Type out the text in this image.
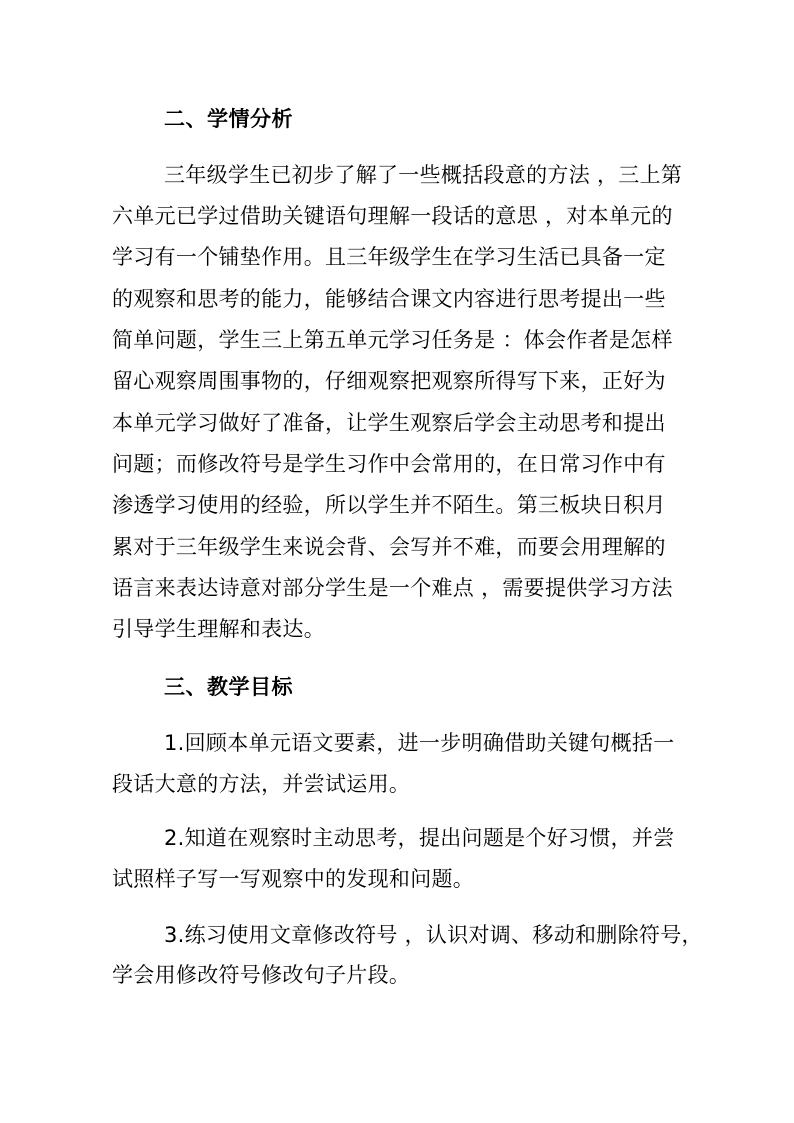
二、学情分析
三年级学生已初步了解了一些概括段意的方法 ，三上第
六单元已学过借助关键语句理解一段话的意思 ，对本单元的
学习有一个铺垫作用。且三年级学生在学习生活已具备一定
的观察和思考的能力，能够结合课文内容进行思考提出一些
简单问题，学生三上第五单元学习任务是 ：体会作者是怎样
留心观察周围事物的，仔细观察把观察所得写下来，正好为
本单元学习做好了准备，让学生观察后学会主动思考和提出
问题；而修改符号是学生习作中会常用的，在日常习作中有
渗透学习使用的经验，所以学生并不陌生。第三板块日积月
累对于三年级学生来说会背、会写并不难，而要会用理解的
语言来表达诗意对部分学生是一个难点 ，需要提供学习方法
引导学生理解和表达。
三、教学目标
1.回顾本单元语文要素，进一步明确借助关键句概括一
段话大意的方法，并尝试运用。
2.知道在观察时主动思考，提出问题是个好习惯，并尝
试照样子写一写观察中的发现和问题。
3.练习使用文章修改符号 ，认识对调、移动和删除符号，
学会用修改符号修改句子片段。
